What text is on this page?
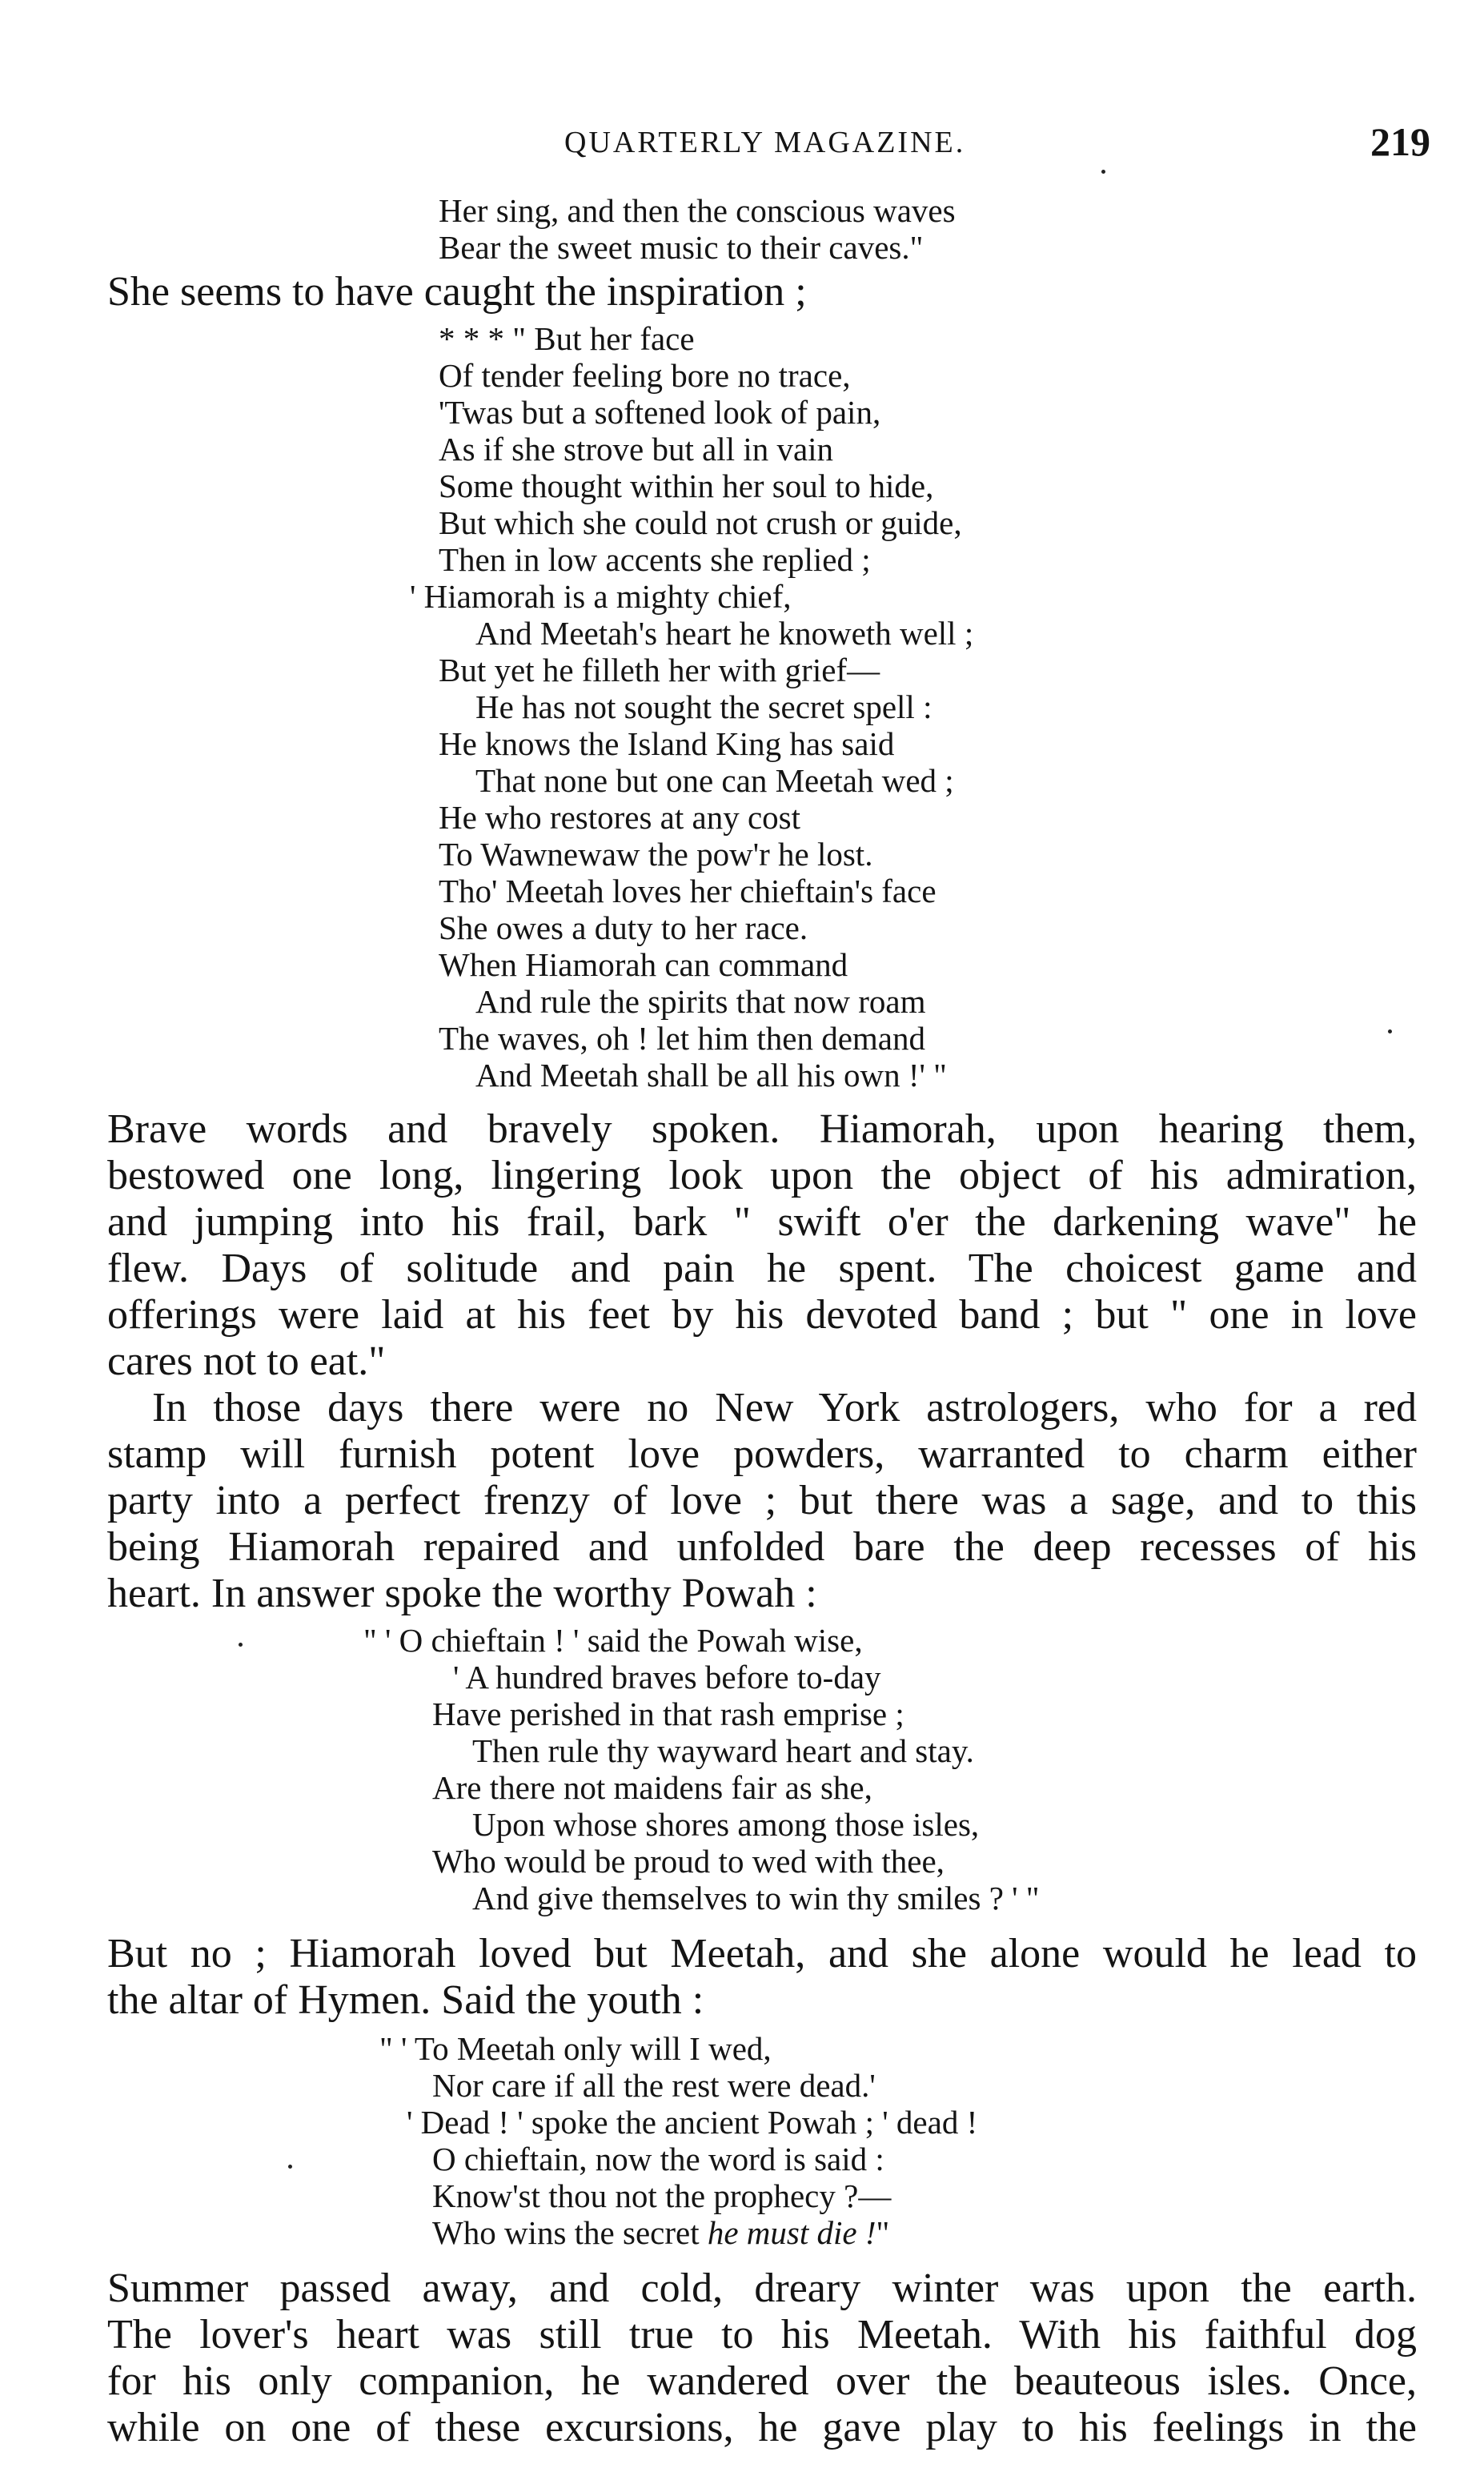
QUARTERLY MAGAZINE.	219
Her sing, and then the conscious waves
Bear the sweet music to their caves."
She seems to have caught the inspiration ;
* * * " But her face
Of tender feeling bore no trace,
'Twas but a softened look of pain,
As if she strove but all in vain
Some thought within her soul to hide,
But which she could not crush or guide,
Then in low accents she replied ;
' Hiamorah is a mighty chief,
And Meetah's heart he knoweth well ;
But yet he filleth her with grief—
He has not sought the secret spell :
He knows the Island King has said
That none but one can Meetah wed ;
He who restores at any cost
To Wawnewaw the pow'r he lost.
Tho' Meetah loves her chieftain's face
She owes a duty to her race.
When Hiamorah can command
And rule the spirits that now roam
The waves, oh ! let him then demand
And Meetah shall be all his own !' "
Brave words and bravely spoken. Hiamorah, upon hearing them,
bestowed one long, lingering look upon the object of his admiration,
and jumping into his frail, bark " swift o'er the darkening wave" he
flew. Days of solitude and pain he spent. The choicest game and
offerings were laid at his feet by his devoted band ; but " one in love
cares not to eat."
In those days there were no New York astrologers, who for a red
stamp will furnish potent love powders, warranted to charm either
party into a perfect frenzy of love ; but there was a sage, and to this
being Hiamorah repaired and unfolded bare the deep recesses of his
heart. In answer spoke the worthy Powah :
" ' O chieftain ! ' said the Powah wise,
' A hundred braves before to-day
Have perished in that rash emprise ;
Then rule thy wayward heart and stay.
Are there not maidens fair as she,
Upon whose shores among those isles,
Who would be proud to wed with thee,
And give themselves to win thy smiles ? ' "
But no ; Hiamorah loved but Meetah, and she alone would he lead to
the altar of Hymen. Said the youth :
" ' To Meetah only will I wed,
Nor care if all the rest were dead.'
' Dead ! ' spoke the ancient Powah ; ' dead !
O chieftain, now the word is said :
Know'st thou not the prophecy ?—
Who wins the secret he must die !"
Summer passed away, and cold, dreary winter was upon the earth.
The lover's heart was still true to his Meetah. With his faithful dog
for his only companion, he wandered over the beauteous isles. Once,
while on one of these excursions, he gave play to his feelings in the
